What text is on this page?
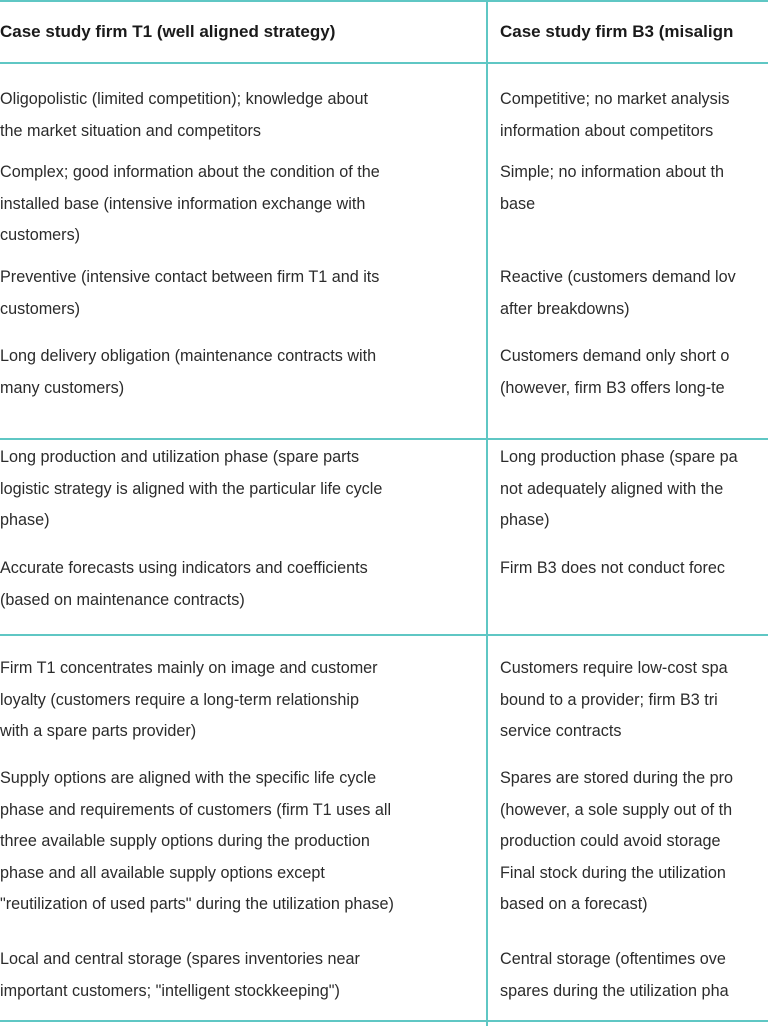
Case study firm T1 (well aligned strategy)	Case study firm B3 (misalign
Oligopolistic (limited competition); knowledge about
the market situation and competitors
Competitive; no market analysis
information about competitors
Complex; good information about the condition of the
installed base (intensive information exchange with
customers)
Simple; no information about th
base
Preventive (intensive contact between firm T1 and its
customers)
Reactive (customers demand lov
after breakdowns)
Long delivery obligation (maintenance contracts with
many customers)
Customers demand only short o
(however, firm B3 offers long-te
Long production and utilization phase (spare parts
logistic strategy is aligned with the particular life cycle
phase)
Long production phase (spare pa
not adequately aligned with the
phase)
Accurate forecasts using indicators and coefficients
(based on maintenance contracts)
Firm B3 does not conduct forec
Firm T1 concentrates mainly on image and customer
loyalty (customers require a long-term relationship
with a spare parts provider)
Customers require low-cost spa
bound to a provider; firm B3 tri
service contracts
Supply options are aligned with the specific life cycle
phase and requirements of customers (firm T1 uses all
three available supply options during the production
phase and all available supply options except
"reutilization of used parts" during the utilization phase)
Spares are stored during the pro
(however, a sole supply out of th
production could avoid storage
Final stock during the utilization
based on a forecast)
Local and central storage (spares inventories near
important customers; "intelligent stockkeeping")
Central storage (oftentimes ove
spares during the utilization pha
